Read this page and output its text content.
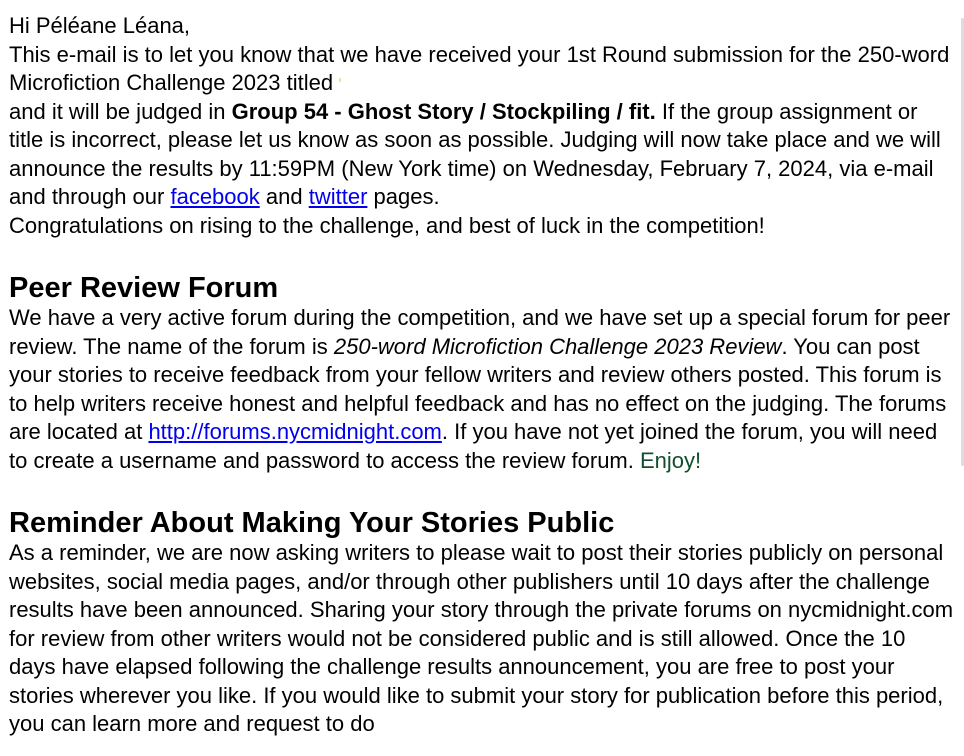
Hi Péléane Léana,

This e-mail is to let you know that we have received your 1st Round submission for the 250-word Microfiction Challenge 2023 titled
and it will be judged in Group 54 - Ghost Story / Stockpiling / fit. If the group assignment or title is incorrect, please let us know as soon as possible. Judging will now take place and we will announce the results by 11:59PM (New York time) on Wednesday, February 7, 2024, via e-mail and through our facebook and twitter pages.
Congratulations on rising to the challenge, and best of luck in the competition!

Peer Review Forum

We have a very active forum during the competition, and we have set up a special forum for peer review. The name of the forum is 250-word Microfiction Challenge 2023 Review. You can post your stories to receive feedback from your fellow writers and review others posted. This forum is to help writers receive honest and helpful feedback and has no effect on the judging. The forums are located at http://forums.nycmidnight.com. If you have not yet joined the forum, you will need to create a username and password to access the review forum. Enjoy!

Reminder About Making Your Stories Public

As a reminder, we are now asking writers to please wait to post their stories publicly on personal websites, social media pages, and/or through other publishers until 10 days after the challenge results have been announced. Sharing your story through the private forums on nycmidnight.com for review from other writers would not be considered public and is still allowed. Once the 10 days have elapsed following the challenge results announcement, you are free to post your stories wherever you like. If you would like to submit your story for publication before this period, you can learn more and request to do
